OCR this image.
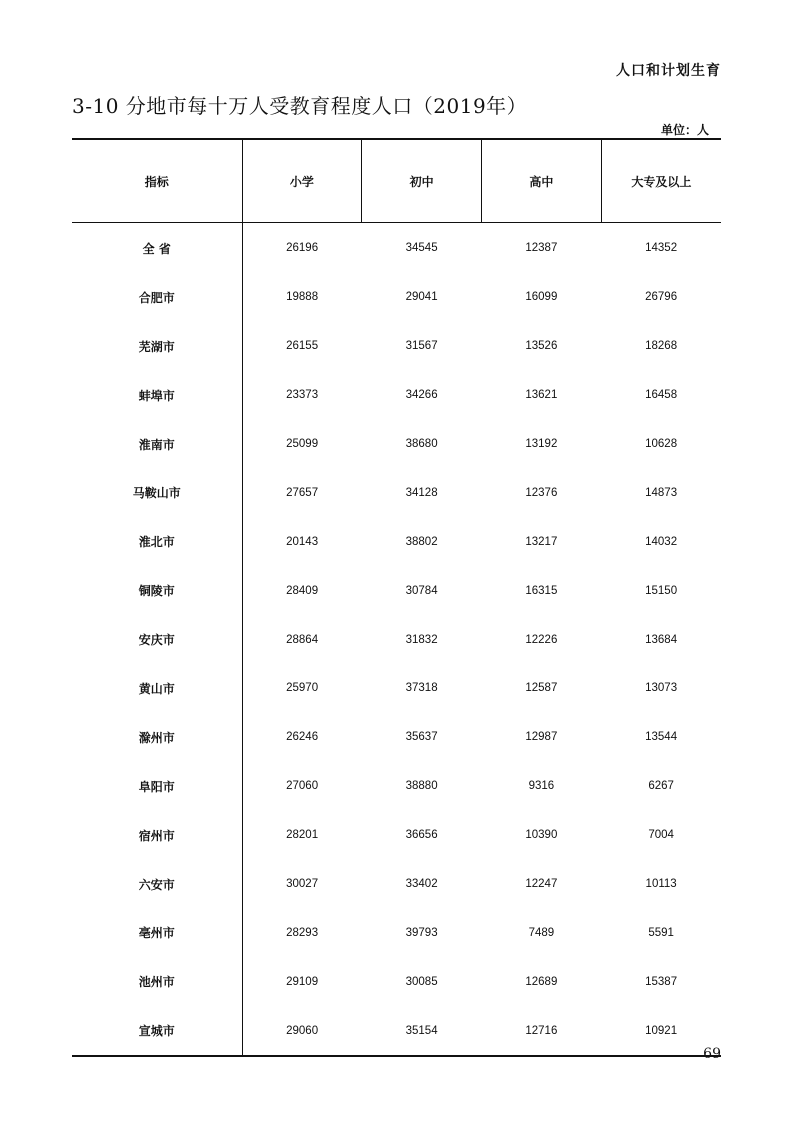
人口和计划生育
3-10 分地市每十万人受教育程度人口（2019年）
单位：人
指标	小学	初中	高中	大专及以上
全 省	26196	34545	12387	14352
合肥市	19888	29041	16099	26796
芜湖市	26155	31567	13526	18268
蚌埠市	23373	34266	13621	16458
淮南市	25099	38680	13192	10628
马鞍山市	27657	34128	12376	14873
淮北市	20143	38802	13217	14032
铜陵市	28409	30784	16315	15150
安庆市	28864	31832	12226	13684
黄山市	25970	37318	12587	13073
滁州市	26246	35637	12987	13544
阜阳市	27060	38880	9316	6267
宿州市	28201	36656	10390	7004
六安市	30027	33402	12247	10113
亳州市	28293	39793	7489	5591
池州市	29109	30085	12689	15387
宣城市	29060	35154	12716	10921
69
